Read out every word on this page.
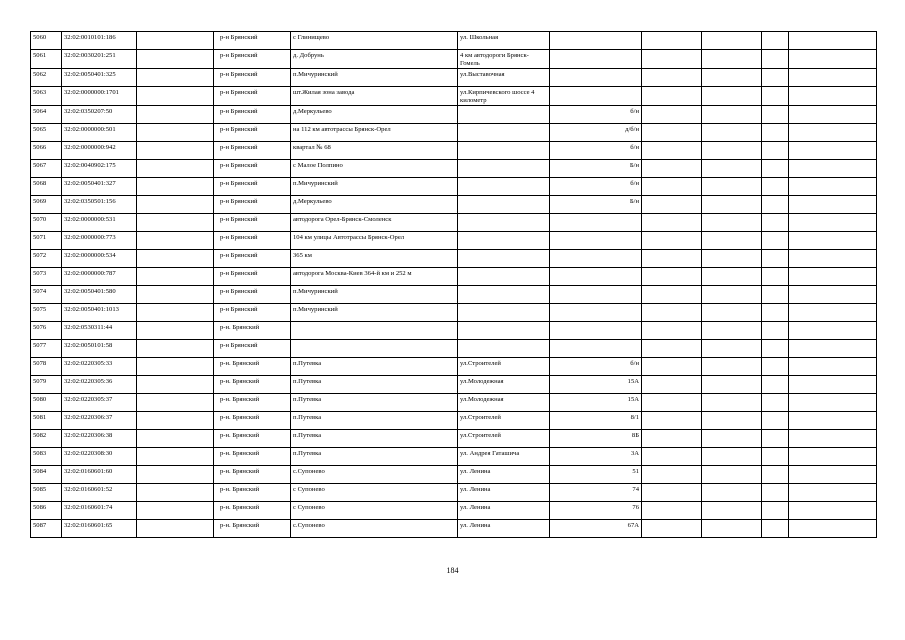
5060	32:02:0010101:186		р-н Брянский	с Глинищево	ул. Школьная					
5061	32:02:0030201:251		р-н Брянский	д. Добрунь	4 км автодороги Брянск-Гомель					
5062	32:02:0050401:325		р-н Брянский	п.Мичуринский	ул.Выставочная					
5063	32:02:0000000:1701		р-н Брянский	шт.Жилая зона завода	ул.Кирпичевского шоссе 4 километр					
5064	32:02:0350207:50		р-н Брянский	д.Меркульево		б/н				
5065	32:02:0000000:501		р-н Брянский	на 112 км автотрассы Брянск-Орел		д/б/н				
5066	32:02:0000000:942		р-н Брянский	квартал № 68		б/н				
5067	32:02:0040902:175		р-н Брянский	с Малое Полпино		Б/н				
5068	32:02:0050401:327		р-н Брянский	п.Мичуринский		б/н				
5069	32:02:0350501:156		р-н Брянский	д.Меркульево		Б/н				
5070	32:02:0000000:531		р-н Брянский	автодорога Орел-Брянск-Смоленск						
5071	32:02:0000000:773		р-н Брянский	104 км улицы Автотрассы Брянск-Орел						
5072	32:02:0000000:534		р-н Брянский	365 км						
5073	32:02:0000000:787		р-н Брянский	автодорога Москва-Киев 364-й км и 252 м						
5074	32:02:0050401:580		р-н Брянский	п.Мичуринский						
5075	32:02:0050401:1013		р-н Брянский	п.Мичуринский						
5076	32:02:0530311:44		р-н. Брянский							
5077	32:02:0050101:58		р-н Брянский							
5078	32:02:0220305:33		р-н. Брянский	п.Путевка	ул.Строителей	б/н				
5079	32:02:0220305:36		р-н. Брянский	п.Путевка	ул.Молодежная	15А				
5080	32:02:0220305:37		р-н. Брянский	п.Путевка	ул.Молодежная	15А				
5081	32:02:0220306:37		р-н. Брянский	п.Путевка	ул.Строителей	8/1				
5082	32:02:0220306:38		р-н. Брянский	п.Путевка	ул.Строителей	8Б				
5083	32:02:0220308:30		р-н. Брянский	п.Путевка	ул. Андрея Гаташича	3А				
5084	32:02:0160601:60		р-н. Брянский	с.Супонево	ул. Ленина	51				
5085	32:02:0160601:52		р-н. Брянский	с Супонево	ул. Ленина	74				
5086	32:02:0160601:74		р-н. Брянский	с Супонево	ул. Ленина	76				
5087	32:02:0160601:65		р-н. Брянский	с.Супонево	ул. Ленина	67А				
184
